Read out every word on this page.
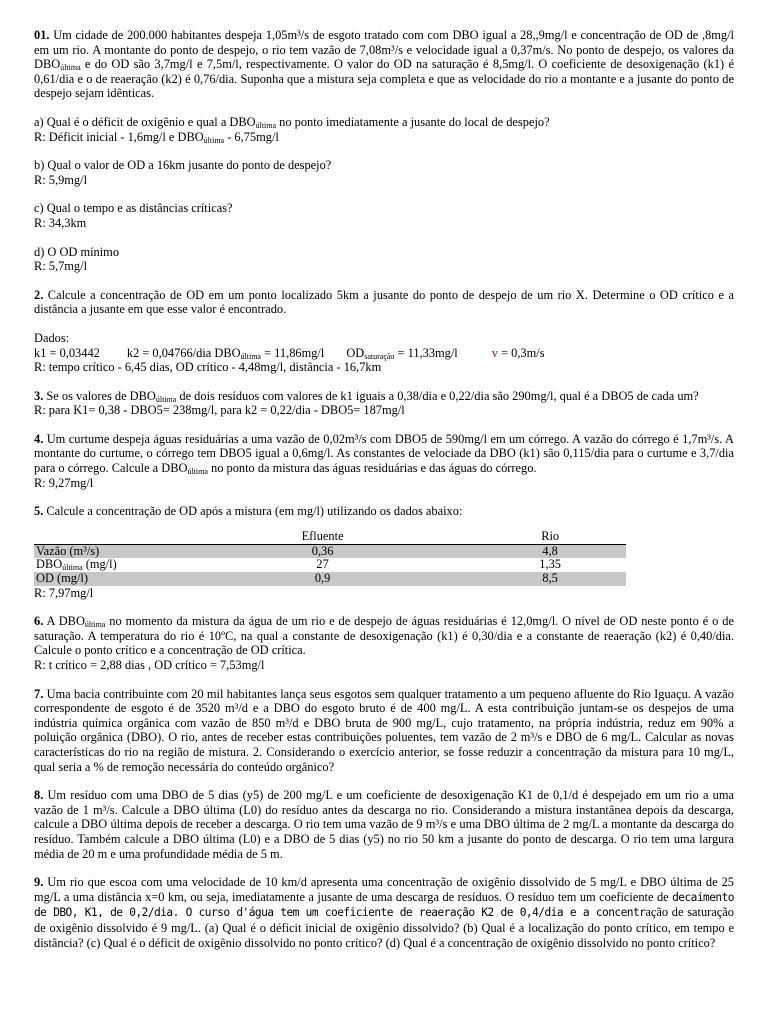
01. Um cidade de 200.000 habitantes despeja 1,05m³/s de esgoto tratado com com DBO igual a 28,,9mg/l e concentração de OD de ,8mg/l em um rio. A montante do ponto de despejo, o rio tem vazão de 7,08m³/s e velocidade igual a 0,37m/s. No ponto de despejo, os valores da $DBO_{última}$ e do OD são 3,7mg/l e 7,5m/l, respectivamente. O valor do OD na saturação é 8,5mg/l. O coeficiente de desoxigenação (k1) é 0,61/dia e o de reaeração (k2) é 0,76/dia. Suponha que a mistura seja completa e que as velocidade do rio a montante e a jusante do ponto de despejo sejam idênticas.

a) Qual é o déficit de oxigênio e qual a $DBO_{última}$ no ponto imediatamente a jusante do local de despejo?

R: Déficit inicial - 1,6mg/l e $DBO_{última} - 6,75mg/l$

b) Qual o valor de OD a 16km jusante do ponto de despejo?

R: 5,9mg/l

c) Qual o tempo e as distâncias críticas?

R: 34,3km

d) O OD mínimo

R: 5,7mg/l

2. Calcule a concentração de OD em um ponto localizado 5km a jusante do ponto de despejo de um rio X. Determine o OD crítico e a distância a jusante em que esse valor é encontrado.

Dados:

k1 = 0,03442 k2 = 0,04766/dia $DBO_{última} = 11,86mg/l$ $OD_{saturação} = 11,33mg/l$	v = 0,3m/s

R: tempo crítico - 6,45 dias, OD crítico - 4,48mg/l, distância - 16,7km

3. Se os valores de $DBO_{última}$ de dois resíduos com valores de k1 iguais a 0,38/dia e 0,22/dia são 290mg/l, qual é a DBO5 de cada um?

R: para K1= 0,38 - DBO5= 238mg/l, para k2 = 0,22/dia - DBO5= 187mg/l

4. Um curtume despeja águas residuárias a uma vazão de 0,02m³/s com DBO5 de 590mg/l em um córrego. A vazão do córrego é 1,7m³/s. A montante do curtume, o córrego tem DBO5 igual a 0,6mg/l. As constantes de velociade da DBO (k1) são 0,115/dia para o curtume e 3,7/dia para o córrego. Calcule a $DBO_{última}$ no ponto da mistura das águas residuárias e das águas do córrego.

R: 9,27mg/l

5. Calcule a concentração de OD após a mistura (em mg/l) utilizando os dados abaixo:

	Efluente		Rio
Vazão (m³/s)	0,36		4,8
$DBO_{última}$ (mg/l)	27		1,35
OD (mg/l)	0,9		8,5

R: 7,97mg/l

6. A $DBO_{última}$ no momento da mistura da água de um rio e de despejo de águas residuárias é 12,0mg/l. O nível de OD neste ponto é o de saturação. A temperatura do rio é 10ºC, na qual a constante de desoxigenação (k1) é 0,30/dia e a constante de reaeração (k2) é 0,40/dia. Calcule o ponto crítico e a concentração de OD crítica.

R: t crítico = 2,88 dias , OD crítico = 7,53mg/l

7. Uma bacia contribuinte com 20 mil habitantes lança seus esgotos sem qualquer tratamento a um pequeno afluente do Rio Iguaçu. A vazão correspondente de esgoto é de 3520 m³/d e a DBO do esgoto bruto é de 400 mg/L. A esta contribuição juntam-se os despejos de uma indústria química orgânica com vazão de 850 m³/d e DBO bruta de 900 mg/L, cujo tratamento, na própria indústria, reduz em 90% a poluição orgânica (DBO). O rio, antes de receber estas contribuições poluentes, tem vazão de 2 m³/s e DBO de 6 mg/L. Calcular as novas características do rio na região de mistura. 2. Considerando o exercício anterior, se fosse reduzir a concentração da mistura para 10 mg/L, qual seria a % de remoção necessária do conteúdo orgânico?

8. Um resíduo com uma DBO de 5 dias (y5) de 200 mg/L e um coeficiente de desoxigenação K1 de 0,1/d é despejado em um rio a uma vazão de 1 m³/s. Calcule a DBO última (L0) do resíduo antes da descarga no rio. Considerando a mistura instantânea depois da descarga, calcule a DBO última depois de receber a descarga. O rio tem uma vazão de 9 m³/s e uma DBO última de 2 mg/L a montante da descarga do resíduo. Também calcule a DBO última (L0) e a DBO de 5 dias (y5) no rio 50 km a jusante do ponto de descarga. O rio tem uma largura média de 20 m e uma profundidade média de 5 m.

9. Um rio que escoa com uma velocidade de 10 km/d apresenta uma concentração de oxigênio dissolvido de 5 mg/L e DBO última de 25 mg/L a uma distância x=0 km, ou seja, imediatamente a jusante de uma descarga de resíduos. O resíduo tem um coeficiente de decaimento de DBO, K1, de 0,2/dia. O curso d'água tem um coeficiente de reaeração K2 de 0,4/dia e a concentração de saturação de oxigênio dissolvido é 9 mg/L. (a) Qual é o déficit inicial de oxigênio dissolvido? (b) Qual é a localização do ponto crítico, em tempo e distância? (c) Qual é o déficit de oxigênio dissolvido no ponto crítico? (d) Qual é a concentração de oxigênio dissolvido no ponto crítico?
